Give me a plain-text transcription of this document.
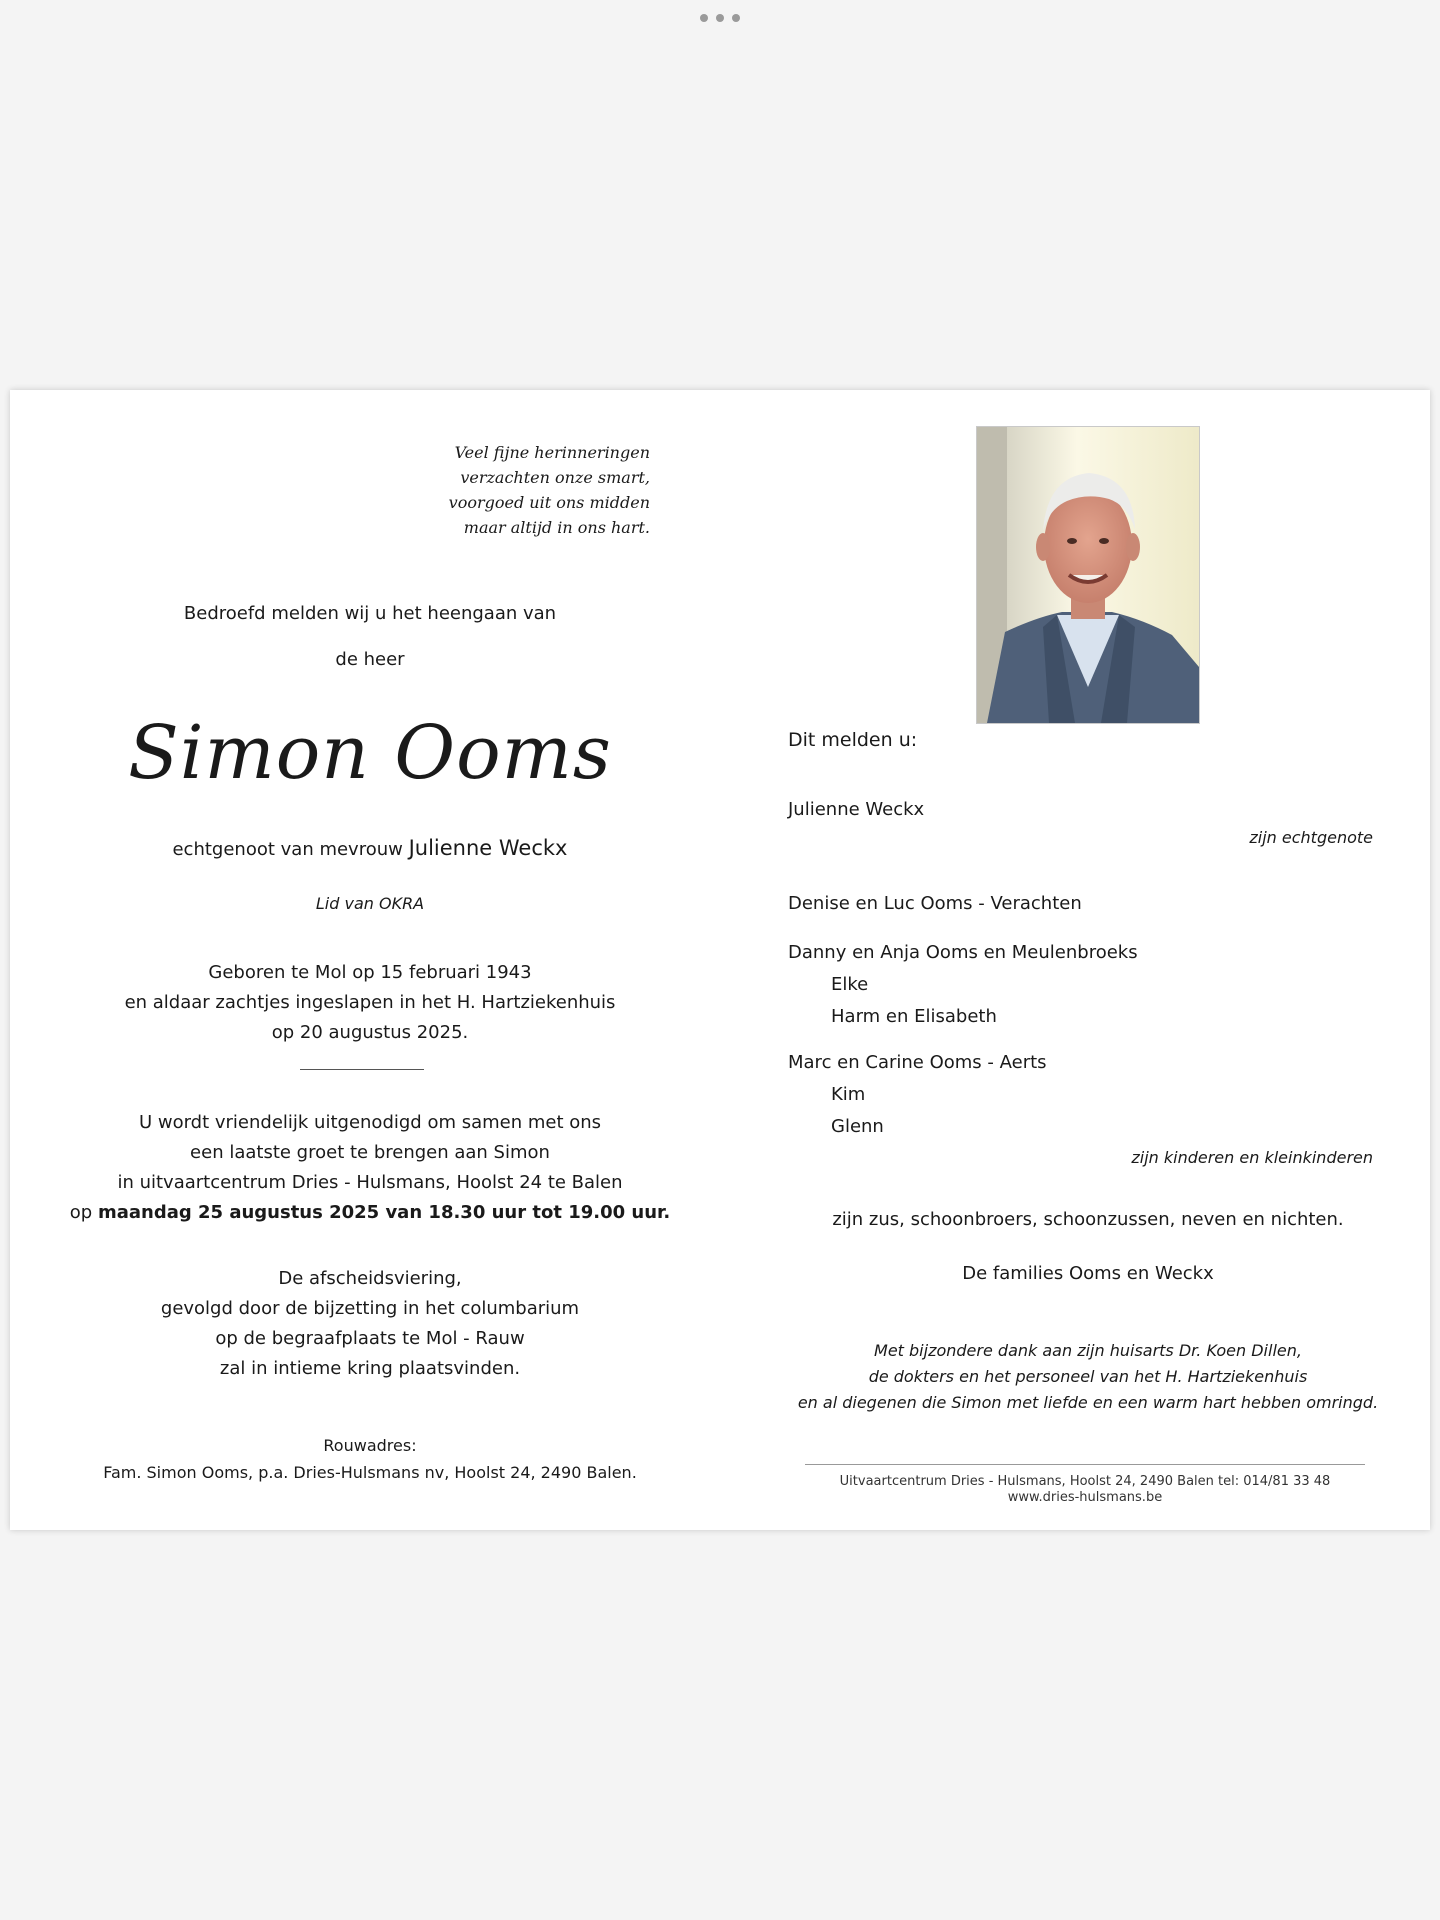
Veel fijne herinneringen
verzachten onze smart,
voorgoed uit ons midden
maar altijd in ons hart.
Bedroefd melden wij u het heengaan van
de heer
Simon Ooms
echtgenoot van mevrouw Julienne Weckx
Lid van OKRA
Geboren te Mol op 15 februari 1943
en aldaar zachtjes ingeslapen in het H. Hartziekenhuis
op 20 augustus 2025.
U wordt vriendelijk uitgenodigd om samen met ons
een laatste groet te brengen aan Simon
in uitvaartcentrum Dries - Hulsmans, Hoolst 24 te Balen
op maandag 25 augustus 2025 van 18.30 uur tot 19.00 uur.
De afscheidsviering,
gevolgd door de bijzetting in het columbarium
op de begraafplaats te Mol - Rauw
zal in intieme kring plaatsvinden.
Rouwadres:
Fam. Simon Ooms, p.a. Dries-Hulsmans nv, Hoolst 24, 2490 Balen.
Dit melden u:
Julienne Weckx
zijn echtgenote
Denise en Luc Ooms - Verachten
Danny en Anja Ooms en Meulenbroeks
Elke
Harm en Elisabeth
Marc en Carine Ooms - Aerts
Kim
Glenn
zijn kinderen en kleinkinderen
zijn zus, schoonbroers, schoonzussen, neven en nichten.
De families Ooms en Weckx
Met bijzondere dank aan zijn huisarts Dr. Koen Dillen,
de dokters en het personeel van het H. Hartziekenhuis
en al diegenen die Simon met liefde en een warm hart hebben omringd.
Uitvaartcentrum Dries - Hulsmans, Hoolst 24, 2490 Balen tel: 014/81 33 48
www.dries-hulsmans.be
